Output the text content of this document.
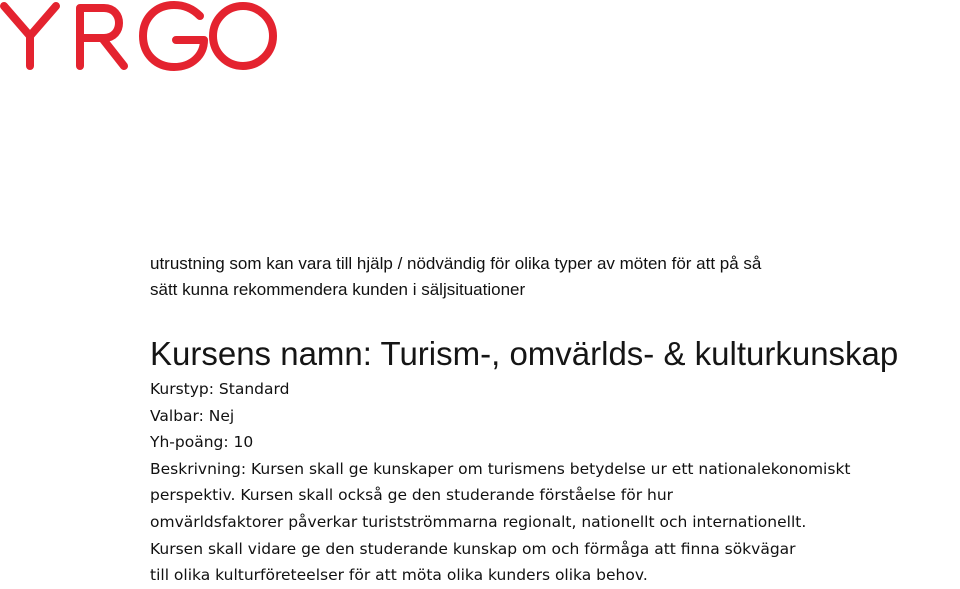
utrustning som kan vara till hjälp / nödvändig för olika typer av möten för att på så
sätt kunna rekommendera kunden i säljsituationer

Kursens namn: Turism-, omvärlds- & kulturkunskap
Kurstyp: Standard
Valbar: Nej
Yh-poäng: 10

Beskrivning: Kursen skall ge kunskaper om turismens betydelse ur ett nationalekonomiskt
perspektiv. Kursen skall också ge den studerande förståelse för hur
omvärldsfaktorer påverkar turistströmmarna regionalt, nationellt och internationellt.
Kursen skall vidare ge den studerande kunskap om och förmåga att finna sökvägar
till olika kulturföreteelser för att möta olika kunders olika behov.
